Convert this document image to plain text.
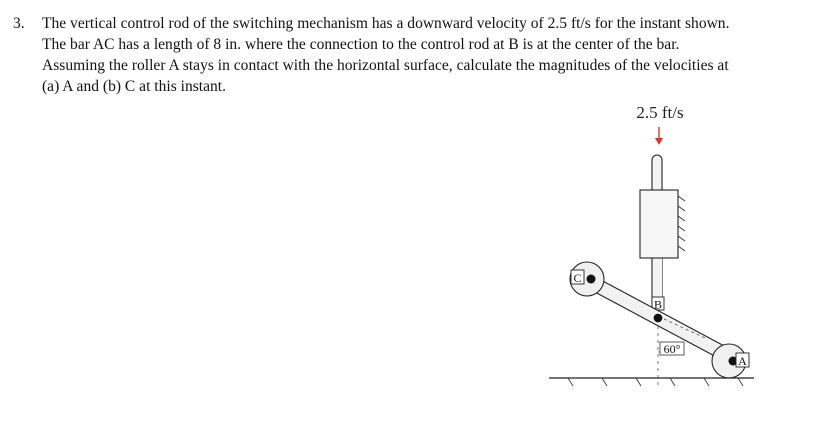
3. The vertical control rod of the switching mechanism has a downward velocity of 2.5 ft/s for the instant shown.
The bar AC has a length of 8 in. where the connection to the control rod at B is at the center of the bar.
Assuming the roller A stays in contact with the horizontal surface, calculate the magnitudes of the velocities at
(a) A and (b) C at this instant.
2.5 ft/s
B
60°
C
A
